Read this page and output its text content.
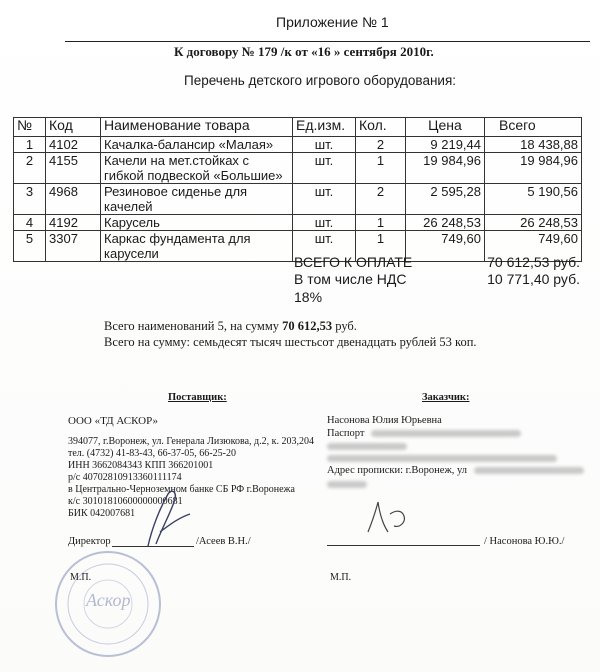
Приложение № 1
К договору № 179 /к от «16 » сентября 2010г.
Перечень детского игрового оборудования:
№	Код	Наименование товара	Ед.изм.	Кол.	Цена	Всего
1	4102	Качалка-балансир «Малая»	шт.	2	9 219,44	18 438,88
2	4155	Качели на мет.стойках с гибкой подвеской «Большие»	шт.	1	19 984,96	19 984,96
3	4968	Резиновое сиденье для качелей	шт.	2	2 595,28	5 190,56
4	4192	Карусель	шт.	1	26 248,53	26 248,53
5	3307	Каркас фундамента для карусели	шт.	1	749,60	749,60
ВСЕГО К ОПЛАТЕ	70 612,53 руб.
В том числе НДС	10 771,40 руб.
18%
Всего наименований 5, на сумму 70 612,53 руб.
Всего на сумму: семьдесят тысяч шестьсот двенадцать рублей 53 коп.
Поставщик:
ООО «ТД АСКОР»
394077, г.Воронеж, ул. Генерала Лизюкова, д.2, к. 203,204
тел. (4732) 41-83-43, 66-37-05, 66-25-20
ИНН 3662084343 КПП 366201001
р/с 40702810913360111174
в Центрально-Черноземном банке СБ РФ г.Воронежа
к/с 30101810600000000681
БИК 042007681
Директор	/Асеев В.Н./
Аскор
М.П.
Заказчик:
Насонова Юлия Юрьевна
Паспорт
Адрес прописки: г.Воронеж, ул
/ Насонова Ю.Ю./
М.П.
